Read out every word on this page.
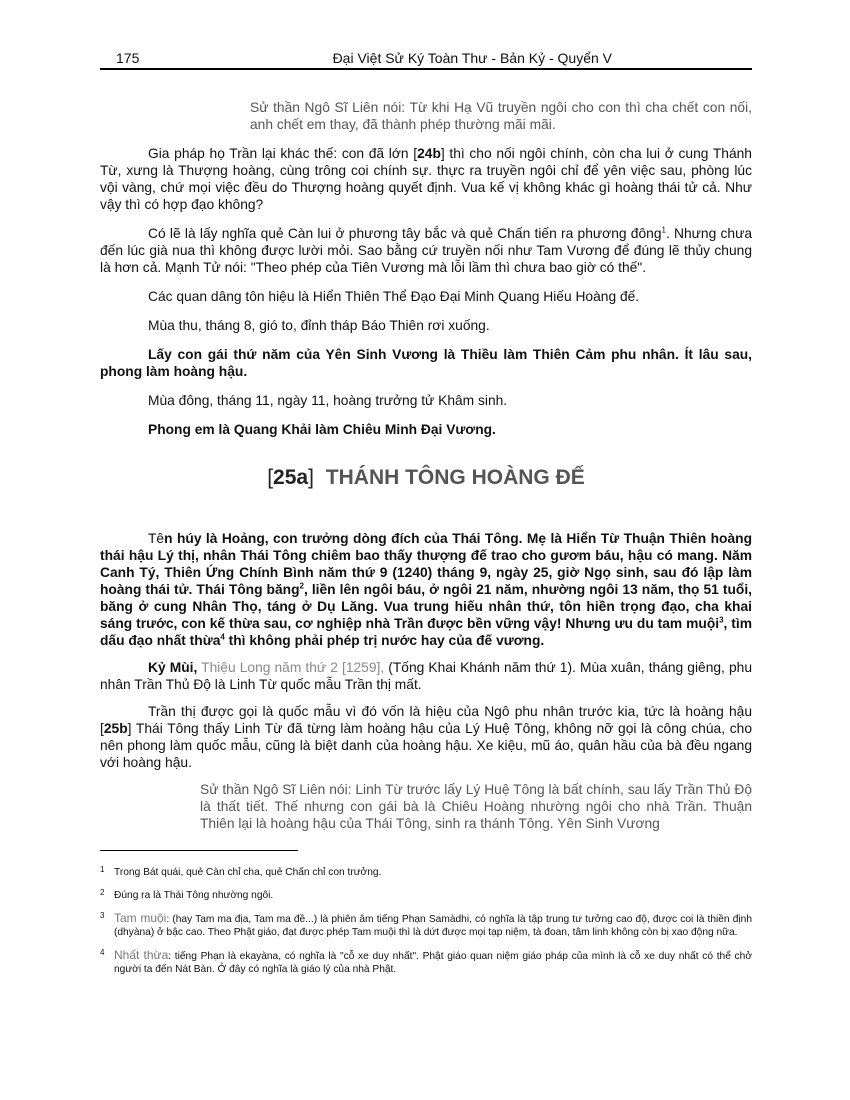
175	Đại Việt Sử Ký Toàn Thư - Bản Kỷ - Quyển V

Sử thần Ngô Sĩ Liên nói: Từ khi Hạ Vũ truyền ngôi cho con thì cha chết con nối, anh chết em thay, đã thành phép thường mãi mãi.

Gia pháp họ Trần lại khác thế: con đã lớn [24b] thì cho nối ngôi chính, còn cha lui ở cung Thánh Từ, xưng là Thượng hoàng, cùng trông coi chính sự. thực ra truyền ngôi chỉ để yên việc sau, phòng lúc vội vàng, chứ mọi việc đều do Thượng hoàng quyết định. Vua kế vị không khác gì hoàng thái tử cả. Như vậy thì có hợp đạo không?

Có lẽ là lấy nghĩa quẻ Càn lui ở phương tây bắc và quẻ Chấn tiến ra phương đông$^1$. Nhưng chưa đến lúc già nua thì không được lười mỏi. Sao bằng cứ truyền nối như Tam Vương để đúng lẽ thủy chung là hơn cả. Mạnh Tử nói: "Theo phép của Tiên Vương mà lỗi lầm thì chưa bao giờ có thế".

Các quan dâng tôn hiệu là Hiển Thiên Thể Đạo Đại Minh Quang Hiếu Hoàng đế.

Mùa thu, tháng 8, gió to, đỉnh tháp Báo Thiên rơi xuống.

Lấy con gái thứ năm của Yên Sinh Vương là Thiều làm Thiên Cảm phu nhân. Ít lâu sau, phong làm hoàng hậu.

Mùa đông, tháng 11, ngày 11, hoàng trưởng tử Khâm sinh.

Phong em là Quang Khải làm Chiêu Minh Đại Vương.

[25a] THÁNH TÔNG HOÀNG ĐẾ

Tên húy là Hoảng, con trưởng dòng đích của Thái Tông. Mẹ là Hiển Từ Thuận Thiên hoàng thái hậu Lý thị, nhân Thái Tông chiêm bao thấy thượng đế trao cho gươm báu, hậu có mang. Năm Canh Tý, Thiên Ứng Chính Bình năm thứ 9 (1240) tháng 9, ngày 25, giờ Ngọ sinh, sau đó lập làm hoàng thái tử. Thái Tông băng$^2$, liền lên ngôi báu, ở ngôi 21 năm, nhường ngôi 13 năm, thọ 51 tuổi, băng ở cung Nhân Thọ, táng ở Dụ Lăng. Vua trung hiếu nhân thứ, tôn hiền trọng đạo, cha khai sáng trước, con kế thừa sau, cơ nghiệp nhà Trần được bền vững vậy! Nhưng ưu du tam muội$^3$, tìm dấu đạo nhất thừa$^4$ thì không phải phép trị nước hay của đế vương.

Kỷ Mùi, Thiệu Long năm thứ 2 [1259], (Tống Khai Khánh năm thứ 1). Mùa xuân, tháng giêng, phu nhân Trần Thủ Độ là Linh Từ quốc mẫu Trần thị mất.

Trần thị được gọi là quốc mẫu vì đó vốn là hiệu của Ngô phu nhân trước kia, tức là hoàng hậu [25b] Thái Tông thấy Linh Từ đã từng làm hoàng hậu của Lý Huệ Tông, không nỡ gọi là công chúa, cho nên phong làm quốc mẫu, cũng là biệt danh của hoàng hậu. Xe kiệu, mũ áo, quân hầu của bà đều ngang với hoàng hậu.

Sử thần Ngô Sĩ Liên nói: Linh Từ trước lấy Lý Huệ Tông là bất chính, sau lấy Trần Thủ Độ là thất tiết. Thế nhưng con gái bà là Chiêu Hoàng nhường ngôi cho nhà Trần. Thuận Thiên lại là hoàng hậu của Thái Tông, sinh ra thánh Tông. Yên Sinh Vương

1 Trong Bát quái, quẻ Càn chỉ cha, quẻ Chấn chỉ con trưởng.
2 Đúng ra là Thái Tông nhường ngôi.
3 Tam muội: (hay Tam ma địa, Tam ma đề...) là phiên âm tiếng Phạn Samàdhi, có nghĩa là tập trung tư tưởng cao độ, được coi là thiền định (dhyàna) ở bậc cao. Theo Phật giáo, đạt được phép Tam muội thì là dứt được mọi tạp niệm, tà đoan, tâm linh không còn bị xao động nữa.
4 Nhất thừa: tiếng Phạn là ekayàna, có nghĩa là "cỗ xe duy nhất". Phật giáo quan niệm giáo pháp của mình là cỗ xe duy nhất có thể chở người ta đến Nát Bàn. Ở đây có nghĩa là giáo lý của nhà Phật.
